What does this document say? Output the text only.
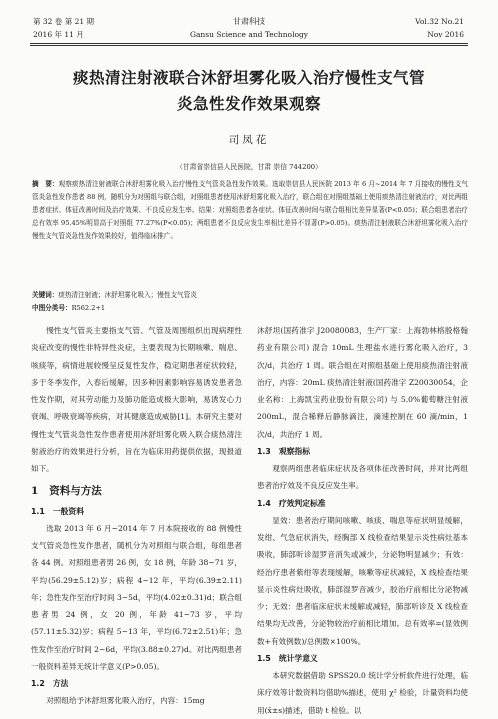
第 32 卷 第 21 期
2016 年 11 月
甘肃科技
Gansu Science and Technology
Vol.32 No.21
Nov 2016
痰热清注射液联合沐舒坦雾化吸入治疗慢性支气管
炎急性发作效果观察
司凤花
（甘肃省崇信县人民医院，甘肃 崇信 744200）

摘　要：观察痰热清注射液联合沐舒坦雾化吸入治疗慢性支气管炎急性发作效果。选取崇信县人民医院 2013 年 6 月~2014 年 7 月接收的慢性支气管炎急性发作患者 88 例，随机分为对照组与联合组，对照组患者使用沐舒坦雾化吸入治疗，联合组在对照组基础上使用痰热清注射液治疗，对比两组患者症状、体征改善时间及治疗效果、不良反应发生率。结果：对照组患者各症状、体征改善时间与联合组相比差异显著(P<0.05)；联合组患者治疗总有效率 95.45%明显高于对照组 77.27%(P<0.05)；两组患者不良反应发生率相比差异不显著(P>0.05)。痰热清注射液联合沐舒坦雾化吸入治疗慢性支气管炎急性发作效果较好，值得临床推广。

关键词：痰热清注射液；沐舒坦雾化吸入；慢性支气管炎
中图分类号：R562.2+1

慢性支气管炎主要指支气管、气管及周围组织出现病理性炎症改变的慢性非特异性炎症，主要表现为长期咳嗽、喘息、咳痰等，病情进展较慢呈反复性发作，稳定期患者症状较轻，多于冬季发作，入春后缓解，因多种因素影响容易诱发患者急性发作期，对其劳动能力及肺功能造成极大影响，易诱发心力衰竭、呼吸衰竭等疾病，对其健康造成威胁[1]。本研究主要对慢性支气管炎急性发作患者使用沐舒坦雾化吸入联合痰热清注射液治疗的效果进行分析，旨在为临床用药提供依据，现报道如下。

1 资料与方法
1.1 一般资料

选取 2013 年 6 月~2014 年 7 月本院接收的 88 例慢性支气管炎急性发作患者，随机分为对照组与联合组，每组患者各 44 例。对照组患者男 26 例，女 18 例，年龄 38~71 岁，平均(56.29±5.12)岁；病程 4~12 年，平均(6.39±2.11)年；急性发作至治疗时间 3~5d，平均(4.02±0.31)d；联合组患者男 24 例，女 20 例，年龄 41~73 岁，平均(57.11±5.32)岁；病程 5~13 年，平均(6.72±2.51)年；急性发作至治疗时间 2~6d，平均(3.88±0.27)d。对比两组患者一般资料差异无统计学意义(P>0.05)。

1.2 方法

对照组给予沐舒坦雾化吸入治疗，内容：15mg

沐舒坦(国药准字 J20080083，生产厂家：上海勃林格殷格翰药业有限公司) 混合 10mL 生理盐水进行雾化吸入治疗，3 次/d，共治疗 1 周。联合组在对照组基础上使用痰热清注射液治疗，内容：20mL 痰热清注射液(国药准字 Z20030054，企业名称：上海凯宝药业股份有限公司) 与 5.0%葡萄糖注射液 200mL，混合稀释后静脉滴注，滴速控制在 60 滴/min，1 次/d，共治疗 1 周。

1.3 观察指标

观察两组患者临床症状及各项体征改善时间，并对比两组患者治疗效及不良反应发生率。

1.4 疗效判定标准

显效：患者治疗期间咳嗽、咳痰、喘息等症状明显缓解，发绀、气急症状消失，经胸部 X 线检查结果显示炎性病灶基本吸收，肺部听诊湿罗音消失或减少，分泌物明显减少；有效：经治疗患者紫绀等表现缓解，咳嗽等症状减轻，X 线检查结果显示炎性病灶吸收，肺部湿罗音减少，胶治疗前相比分泌物减少；无效：患者临床症状未缓解或减轻，肺部听诊及 X 线检查结果均无改善，分泌物较治疗前相比增加。总有效率=(显效例数+有效例数)/总例数×100%。

1.5 统计学意义

本研究数据借助 SPSS20.0 统计学分析软件进行处理，临床疗效等计数资料均借助%描述，使用 χ² 检验，计量资料均使用(x̄±s)描述，借助 t 检验。以
